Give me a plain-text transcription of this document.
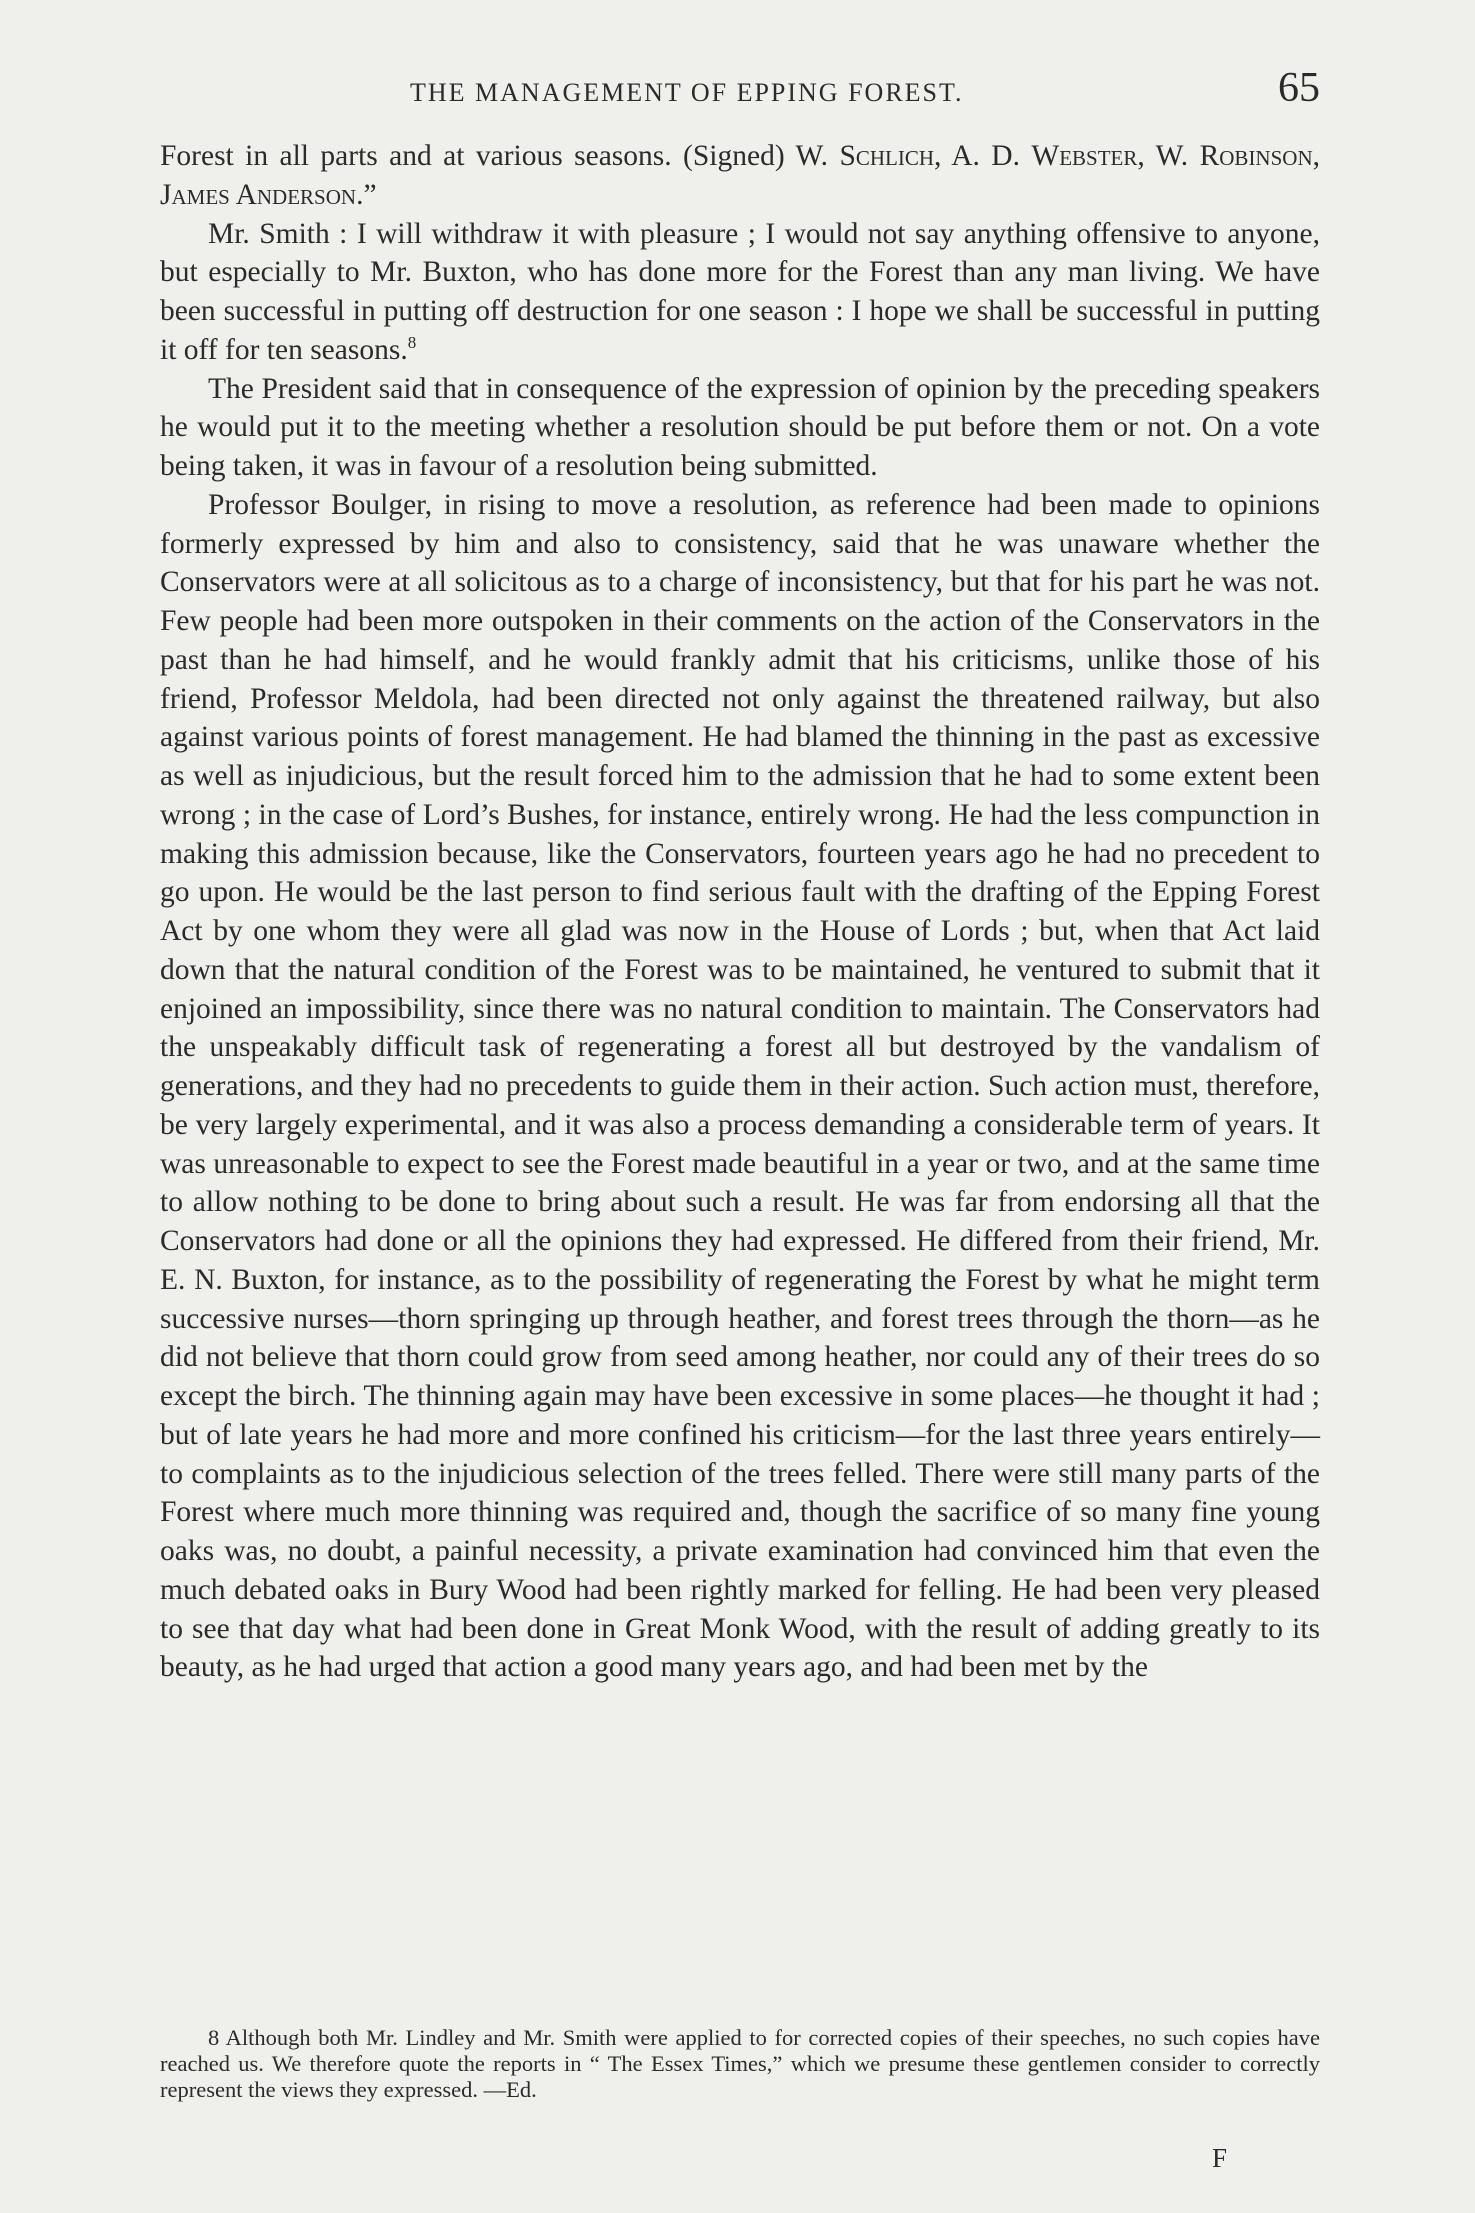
THE MANAGEMENT OF EPPING FOREST.	65

Forest in all parts and at various seasons. (Signed) W. Schlich, A. D. Webster, W. Robinson, James Anderson.”

Mr. Smith : I will withdraw it with pleasure ; I would not say anything offensive to anyone, but especially to Mr. Buxton, who has done more for the Forest than any man living. We have been successful in putting off destruction for one season : I hope we shall be successful in putting it off for ten seasons.$^8$

The President said that in consequence of the expression of opinion by the preceding speakers he would put it to the meeting whether a resolution should be put before them or not. On a vote being taken, it was in favour of a resolution being submitted.

Professor Boulger, in rising to move a resolution, as reference had been made to opinions formerly expressed by him and also to consistency, said that he was unaware whether the Conservators were at all solicitous as to a charge of inconsistency, but that for his part he was not. Few people had been more outspoken in their comments on the action of the Conservators in the past than he had himself, and he would frankly admit that his criticisms, unlike those of his friend, Professor Meldola, had been directed not only against the threatened railway, but also against various points of forest management. He had blamed the thinning in the past as excessive as well as injudicious, but the result forced him to the admission that he had to some extent been wrong ; in the case of Lord’s Bushes, for instance, entirely wrong. He had the less compunction in making this admission because, like the Conservators, fourteen years ago he had no precedent to go upon. He would be the last person to find serious fault with the drafting of the Epping Forest Act by one whom they were all glad was now in the House of Lords ; but, when that Act laid down that the natural condition of the Forest was to be maintained, he ventured to submit that it enjoined an impossibility, since there was no natural condition to maintain. The Conservators had the unspeakably difficult task of regenerating a forest all but destroyed by the vandalism of generations, and they had no precedents to guide them in their action. Such action must, therefore, be very largely experimental, and it was also a process demanding a considerable term of years. It was unreasonable to expect to see the Forest made beautiful in a year or two, and at the same time to allow nothing to be done to bring about such a result. He was far from endorsing all that the Conservators had done or all the opinions they had expressed. He differed from their friend, Mr. E. N. Buxton, for instance, as to the possibility of regenerating the Forest by what he might term successive nurses—thorn springing up through heather, and forest trees through the thorn—as he did not believe that thorn could grow from seed among heather, nor could any of their trees do so except the birch. The thinning again may have been excessive in some places—he thought it had ; but of late years he had more and more confined his criticism—for the last three years entirely—to complaints as to the injudicious selection of the trees felled. There were still many parts of the Forest where much more thinning was required and, though the sacrifice of so many fine young oaks was, no doubt, a painful necessity, a private examination had convinced him that even the much debated oaks in Bury Wood had been rightly marked for felling. He had been very pleased to see that day what had been done in Great Monk Wood, with the result of adding greatly to its beauty, as he had urged that action a good many years ago, and had been met by the

8 Although both Mr. Lindley and Mr. Smith were applied to for corrected copies of their speeches, no such copies have reached us. We therefore quote the reports in “ The Essex Times,” which we presume these gentlemen consider to correctly represent the views they expressed. —Ed.

F
